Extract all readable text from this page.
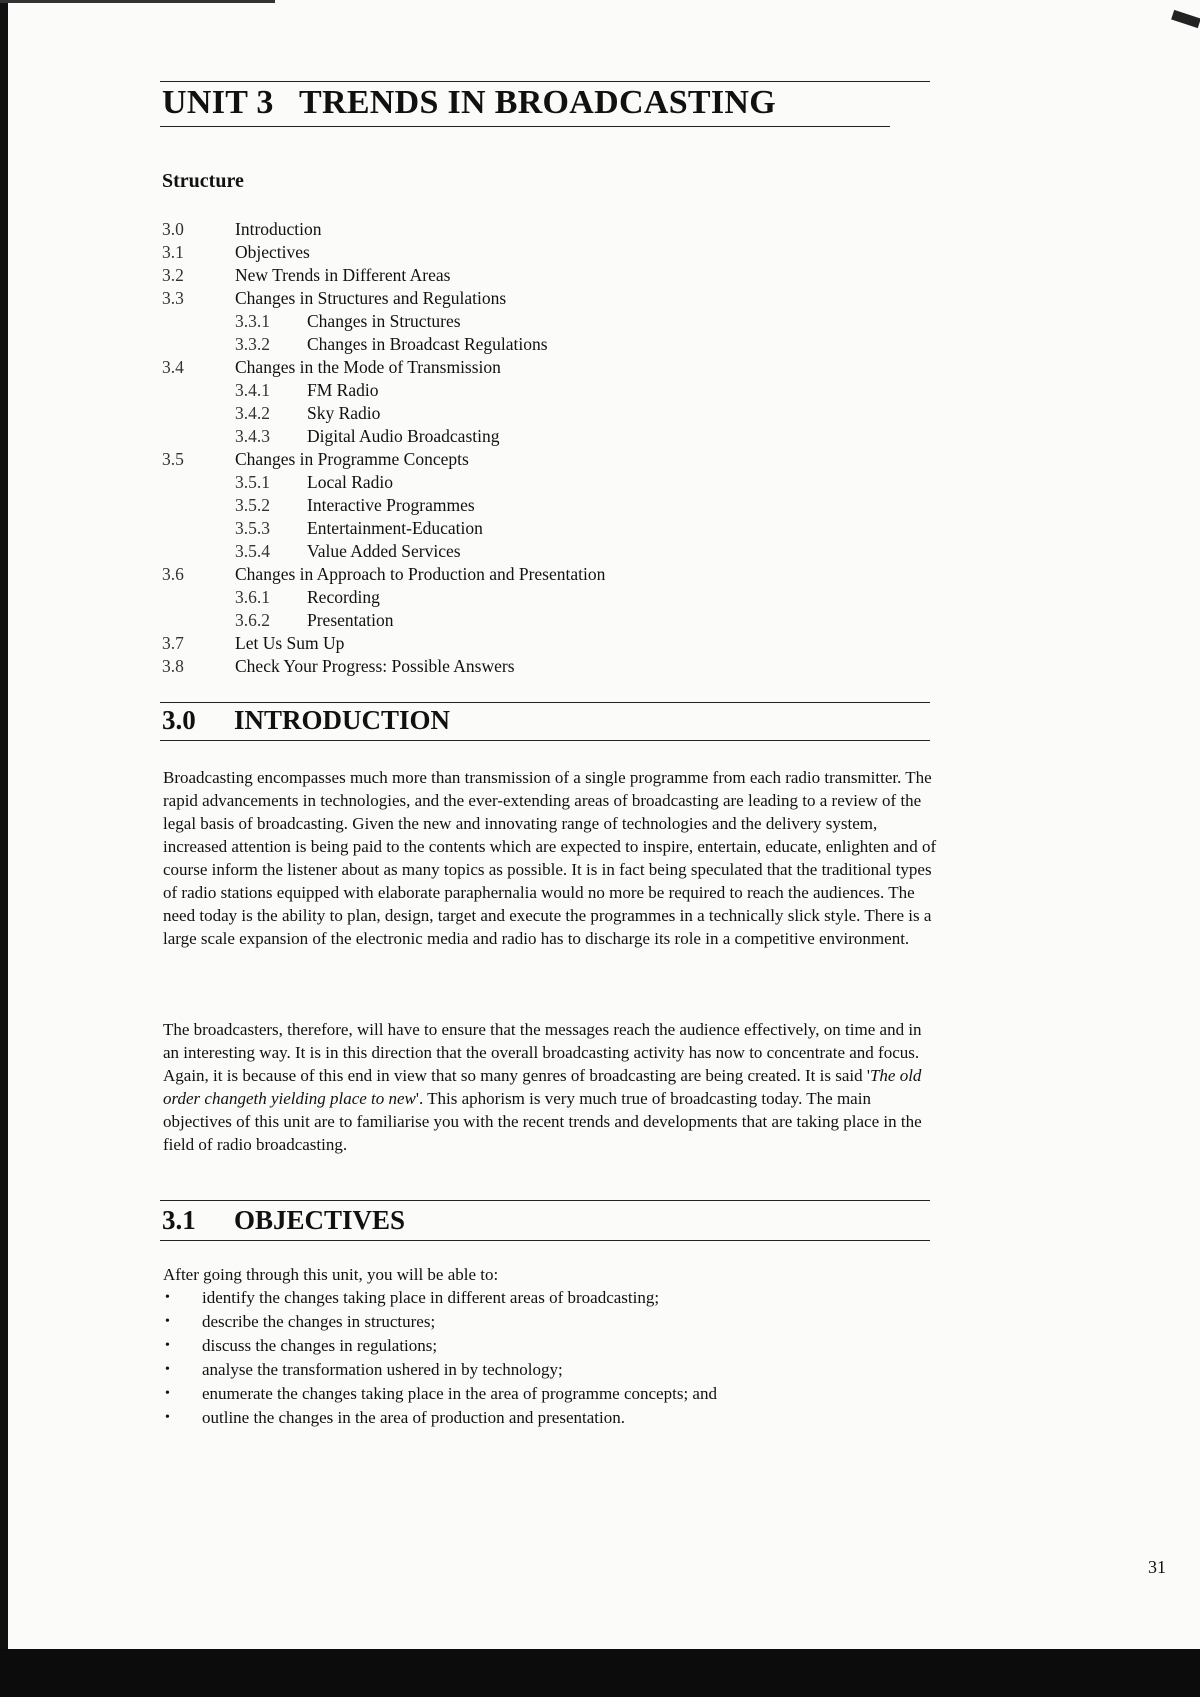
UNIT 3 TRENDS IN BROADCASTING
Structure
3.0	Introduction
3.1	Objectives
3.2	New Trends in Different Areas
3.3	Changes in Structures and Regulations
3.3.1 Changes in Structures
3.3.2 Changes in Broadcast Regulations
3.4	Changes in the Mode of Transmission
3.4.1 FM Radio
3.4.2 Sky Radio
3.4.3 Digital Audio Broadcasting
3.5	Changes in Programme Concepts
3.5.1 Local Radio
3.5.2 Interactive Programmes
3.5.3 Entertainment-Education
3.5.4 Value Added Services
3.6	Changes in Approach to Production and Presentation
3.6.1 Recording
3.6.2 Presentation
3.7	Let Us Sum Up
3.8	Check Your Progress: Possible Answers
3.0 INTRODUCTION

Broadcasting encompasses much more than transmission of a single programme from each radio transmitter. The rapid advancements in technologies, and the ever-extending areas of broadcasting are leading to a review of the legal basis of broadcasting. Given the new and innovating range of technologies and the delivery system, increased attention is being paid to the contents which are expected to inspire, entertain, educate, enlighten and of course inform the listener about as many topics as possible. It is in fact being speculated that the traditional types of radio stations equipped with elaborate paraphernalia would no more be required to reach the audiences. The need today is the ability to plan, design, target and execute the programmes in a technically slick style. There is a large scale expansion of the electronic media and radio has to discharge its role in a competitive environment.

The broadcasters, therefore, will have to ensure that the messages reach the audience effectively, on time and in an interesting way. It is in this direction that the overall broadcasting activity has now to concentrate and focus. Again, it is because of this end in view that so many genres of broadcasting are being created. It is said 'The old order changeth yielding place to new'. This aphorism is very much true of broadcasting today. The main objectives of this unit are to familiarise you with the recent trends and developments that are taking place in the field of radio broadcasting.

3.1 OBJECTIVES

After going through this unit, you will be able to:

• identify the changes taking place in different areas of broadcasting;
• describe the changes in structures;
• discuss the changes in regulations;
• analyse the transformation ushered in by technology;
• enumerate the changes taking place in the area of programme concepts; and
• outline the changes in the area of production and presentation.

31
